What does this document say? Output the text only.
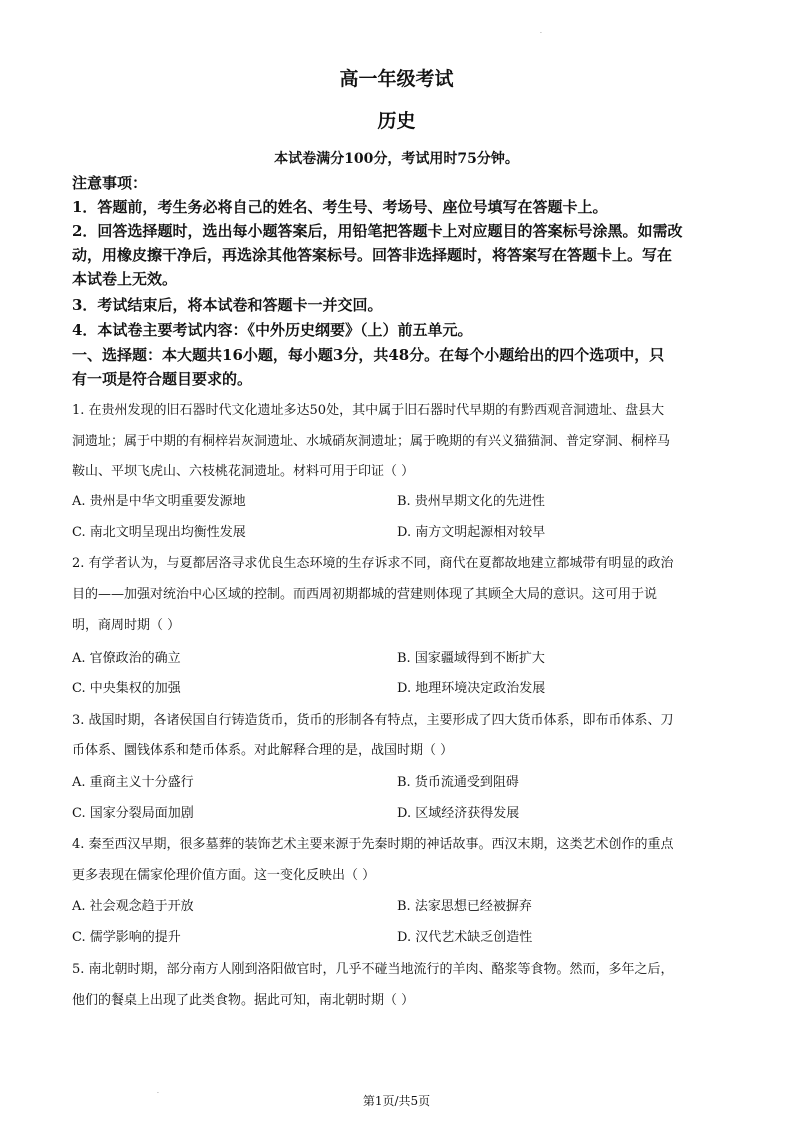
.
高一年级考试
历史
本试卷满分100分，考试用时75分钟。
注意事项：
1．答题前，考生务必将自己的姓名、考生号、考场号、座位号填写在答题卡上。
2．回答选择题时，选出每小题答案后，用铅笔把答题卡上对应题目的答案标号涂黑。如需改
动，用橡皮擦干净后，再选涂其他答案标号。回答非选择题时，将答案写在答题卡上。写在
本试卷上无效。
3．考试结束后，将本试卷和答题卡一并交回。
4．本试卷主要考试内容：《中外历史纲要》（上）前五单元。
一、选择题：本大题共16小题，每小题3分，共48分。在每个小题给出的四个选项中，只
有一项是符合题目要求的。
1. 在贵州发现的旧石器时代文化遗址多达50处，其中属于旧石器时代早期的有黔西观音洞遗址、盘县大
洞遗址；属于中期的有桐梓岩灰洞遗址、水城硝灰洞遗址；属于晚期的有兴义猫猫洞、普定穿洞、桐梓马
鞍山、平坝飞虎山、六枝桃花洞遗址。材料可用于印证（ ）
A. 贵州是中华文明重要发源地	B. 贵州早期文化的先进性
C. 南北文明呈现出均衡性发展	D. 南方文明起源相对较早
2. 有学者认为，与夏都居洛寻求优良生态环境的生存诉求不同，商代在夏都故地建立都城带有明显的政治
目的——加强对统治中心区域的控制。而西周初期都城的营建则体现了其顾全大局的意识。这可用于说
明，商周时期（ ）
A. 官僚政治的确立	B. 国家疆域得到不断扩大
C. 中央集权的加强	D. 地理环境决定政治发展
3. 战国时期，各诸侯国自行铸造货币，货币的形制各有特点，主要形成了四大货币体系，即布币体系、刀
币体系、圜钱体系和楚币体系。对此解释合理的是，战国时期（ ）
A. 重商主义十分盛行	B. 货币流通受到阻碍
C. 国家分裂局面加剧	D. 区域经济获得发展
4. 秦至西汉早期，很多墓葬的装饰艺术主要来源于先秦时期的神话故事。西汉末期，这类艺术创作的重点
更多表现在儒家伦理价值方面。这一变化反映出（ ）
A. 社会观念趋于开放	B. 法家思想已经被摒弃
C. 儒学影响的提升	D. 汉代艺术缺乏创造性
5. 南北朝时期，部分南方人刚到洛阳做官时，几乎不碰当地流行的羊肉、酪浆等食物。然而，多年之后，
他们的餐桌上出现了此类食物。据此可知，南北朝时期（ ）
.
第1页/共5页
